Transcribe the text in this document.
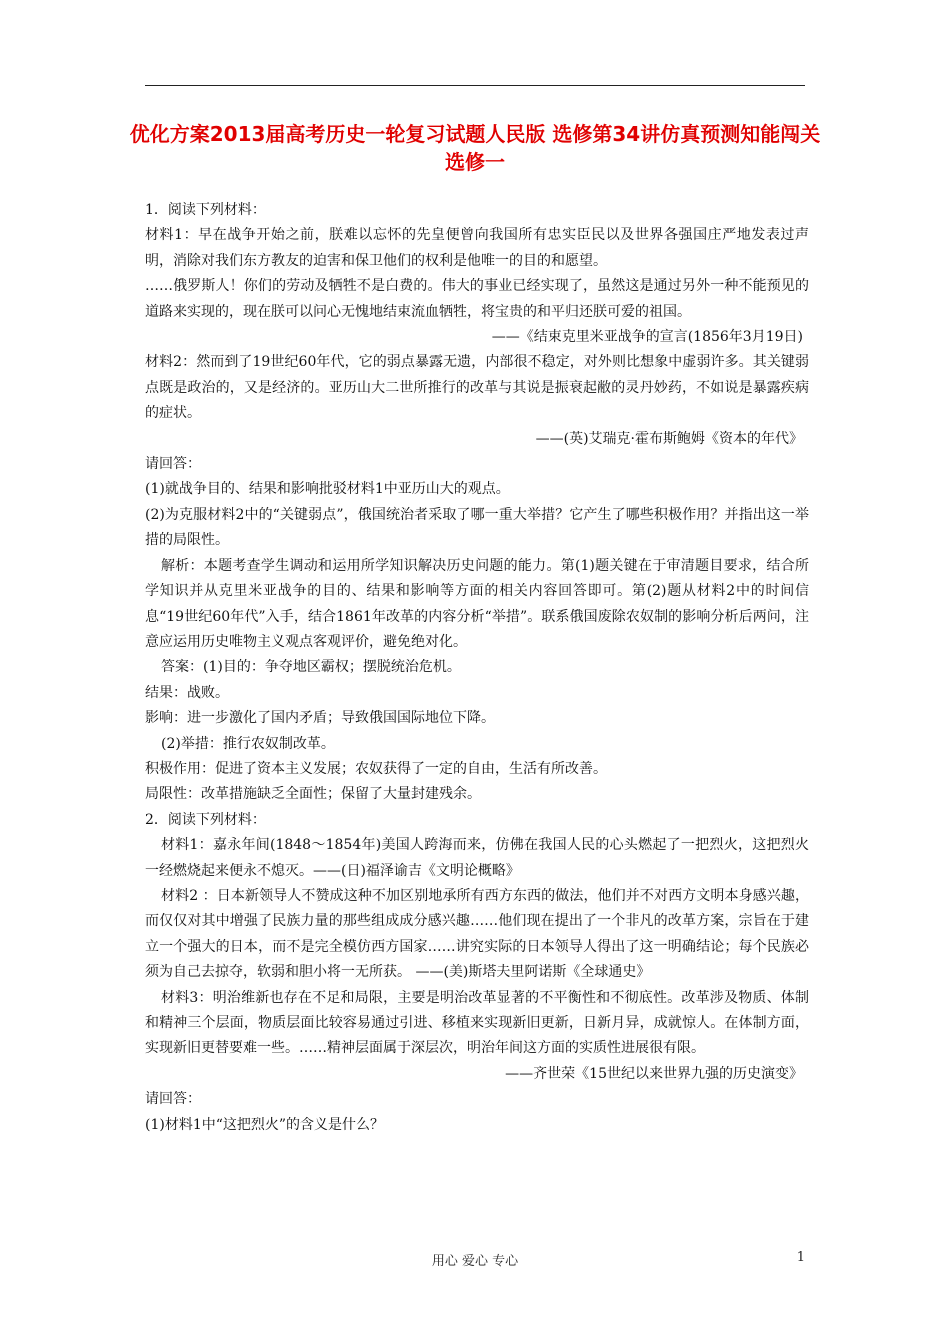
优化方案2013届高考历史一轮复习试题人民版 选修第34讲仿真预测知能闯关 选修一

1．阅读下列材料：

材料1：早在战争开始之前，朕难以忘怀的先皇便曾向我国所有忠实臣民以及世界各强国庄严地发表过声明，消除对我们东方教友的迫害和保卫他们的权利是他唯一的目的和愿望。

……俄罗斯人！你们的劳动及牺牲不是白费的。伟大的事业已经实现了，虽然这是通过另外一种不能预见的道路来实现的，现在朕可以问心无愧地结束流血牺牲，将宝贵的和平归还朕可爱的祖国。

——《结束克里米亚战争的宣言(1856年3月19日)

材料2：然而到了19世纪60年代，它的弱点暴露无遗，内部很不稳定，对外则比想象中虚弱许多。其关键弱点既是政治的，又是经济的。亚历山大二世所推行的改革与其说是振衰起敝的灵丹妙药，不如说是暴露疾病的症状。

——(英)艾瑞克·霍布斯鲍姆《资本的年代》

请回答：

(1)就战争目的、结果和影响批驳材料1中亚历山大的观点。

(2)为克服材料2中的“关键弱点”，俄国统治者采取了哪一重大举措？它产生了哪些积极作用？并指出这一举措的局限性。

解析：本题考查学生调动和运用所学知识解决历史问题的能力。第(1)题关键在于审清题目要求，结合所学知识并从克里米亚战争的目的、结果和影响等方面的相关内容回答即可。第(2)题从材料2中的时间信息“19世纪60年代”入手，结合1861年改革的内容分析“举措”。联系俄国废除农奴制的影响分析后两问，注意应运用历史唯物主义观点客观评价，避免绝对化。

答案：(1)目的：争夺地区霸权；摆脱统治危机。

结果：战败。

影响：进一步激化了国内矛盾；导致俄国国际地位下降。

(2)举措：推行农奴制改革。

积极作用：促进了资本主义发展；农奴获得了一定的自由，生活有所改善。

局限性：改革措施缺乏全面性；保留了大量封建残余。

2．阅读下列材料：

材料1：嘉永年间(1848～1854年)美国人跨海而来，仿佛在我国人民的心头燃起了一把烈火，这把烈火一经燃烧起来便永不熄灭。——(日)福泽谕吉《文明论概略》

材料2 ：日本新领导人不赞成这种不加区别地承所有西方东西的做法，他们并不对西方文明本身感兴趣，而仅仅对其中增强了民族力量的那些组成成分感兴趣……他们现在提出了一个非凡的改革方案，宗旨在于建立一个强大的日本，而不是完全模仿西方国家……讲究实际的日本领导人得出了这一明确结论；每个民族必须为自己去掠夺，软弱和胆小将一无所获。 ——(美)斯塔夫里阿诺斯《全球通史》

材料3：明治维新也存在不足和局限，主要是明治改革显著的不平衡性和不彻底性。改革涉及物质、体制和精神三个层面，物质层面比较容易通过引进、移植来实现新旧更新，日新月异，成就惊人。在体制方面，实现新旧更替要难一些。……精神层面属于深层次，明治年间这方面的实质性进展很有限。

——齐世荣《15世纪以来世界九强的历史演变》

请回答：

(1)材料1中“这把烈火”的含义是什么？

用心 爱心 专心	1
